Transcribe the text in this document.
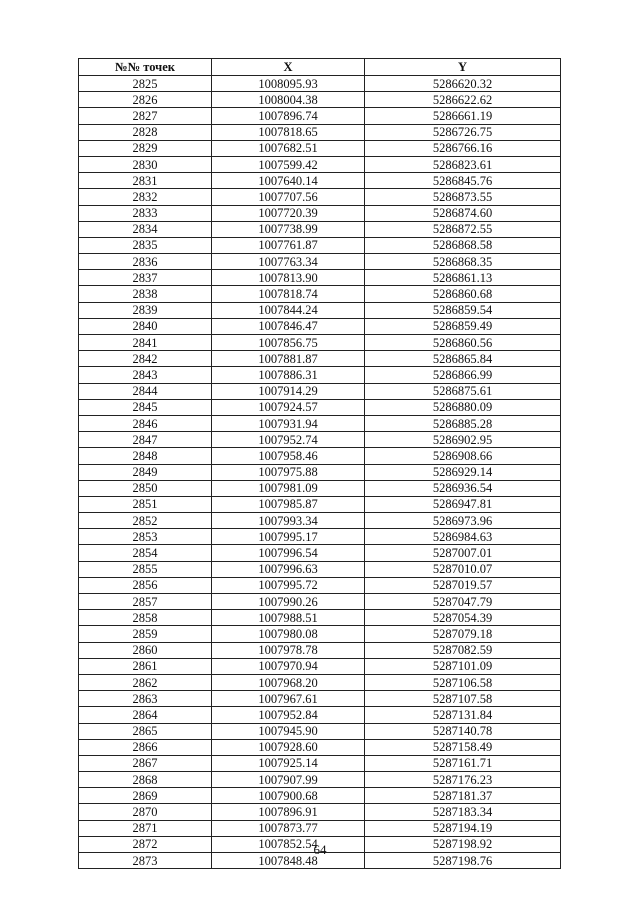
№№ точек	X	Y
2825	1008095.93	5286620.32
2826	1008004.38	5286622.62
2827	1007896.74	5286661.19
2828	1007818.65	5286726.75
2829	1007682.51	5286766.16
2830	1007599.42	5286823.61
2831	1007640.14	5286845.76
2832	1007707.56	5286873.55
2833	1007720.39	5286874.60
2834	1007738.99	5286872.55
2835	1007761.87	5286868.58
2836	1007763.34	5286868.35
2837	1007813.90	5286861.13
2838	1007818.74	5286860.68
2839	1007844.24	5286859.54
2840	1007846.47	5286859.49
2841	1007856.75	5286860.56
2842	1007881.87	5286865.84
2843	1007886.31	5286866.99
2844	1007914.29	5286875.61
2845	1007924.57	5286880.09
2846	1007931.94	5286885.28
2847	1007952.74	5286902.95
2848	1007958.46	5286908.66
2849	1007975.88	5286929.14
2850	1007981.09	5286936.54
2851	1007985.87	5286947.81
2852	1007993.34	5286973.96
2853	1007995.17	5286984.63
2854	1007996.54	5287007.01
2855	1007996.63	5287010.07
2856	1007995.72	5287019.57
2857	1007990.26	5287047.79
2858	1007988.51	5287054.39
2859	1007980.08	5287079.18
2860	1007978.78	5287082.59
2861	1007970.94	5287101.09
2862	1007968.20	5287106.58
2863	1007967.61	5287107.58
2864	1007952.84	5287131.84
2865	1007945.90	5287140.78
2866	1007928.60	5287158.49
2867	1007925.14	5287161.71
2868	1007907.99	5287176.23
2869	1007900.68	5287181.37
2870	1007896.91	5287183.34
2871	1007873.77	5287194.19
2872	1007852.54	5287198.92
2873	1007848.48	5287198.76
64
